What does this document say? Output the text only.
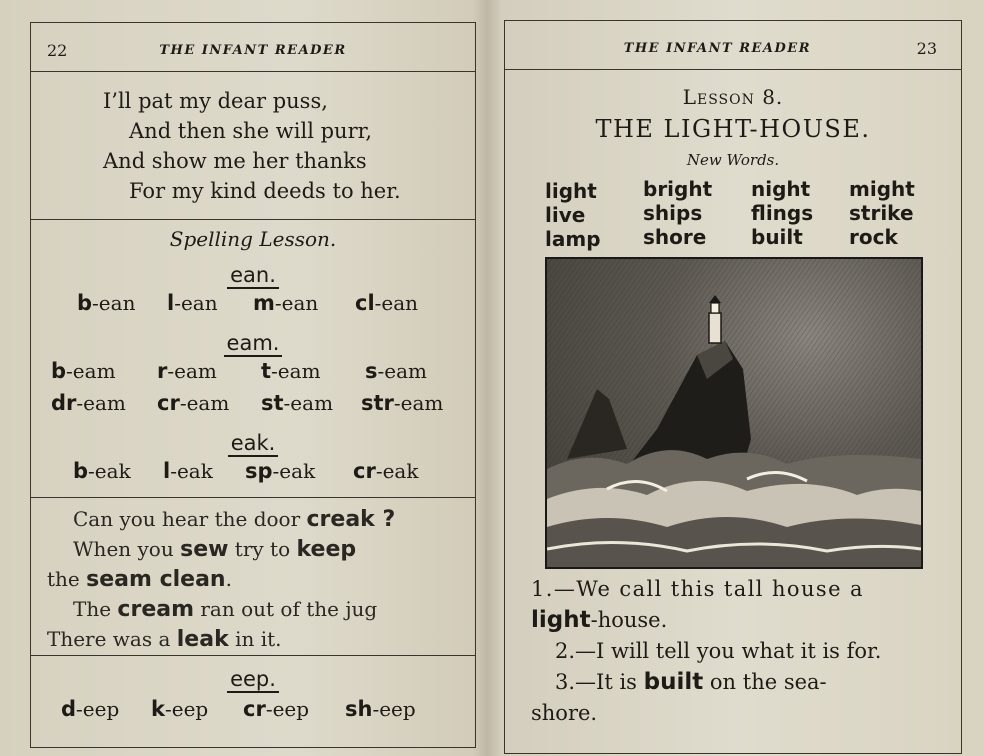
22	THE INFANT READER
I’ll pat my dear puss,
And then she will purr,
And show me her thanks
For my kind deeds to her.
Spelling Lesson.
ean.
b-ean l-ean m-ean cl-ean
eam.
b-eam r-eam t-eam s-eam
dr-eam cr-eam st-eam str-eam
eak.
b-eak l-eak sp-eak cr-eak
Can you hear the door creak ?
When you sew try to keep
the seam clean.
The cream ran out of the jug
There was a leak in it.
eep.
d-eep k-eep cr-eep sh-eep
THE INFANT READER	23
Lesson 8.
THE LIGHT-HOUSE.
New Words.
light bright night might
live	ships flings strike
lamp shore built rock
1.—We call this tall house a
light-house.
2.—I will tell you what it is for.
3.—It is built on the sea-
shore.
